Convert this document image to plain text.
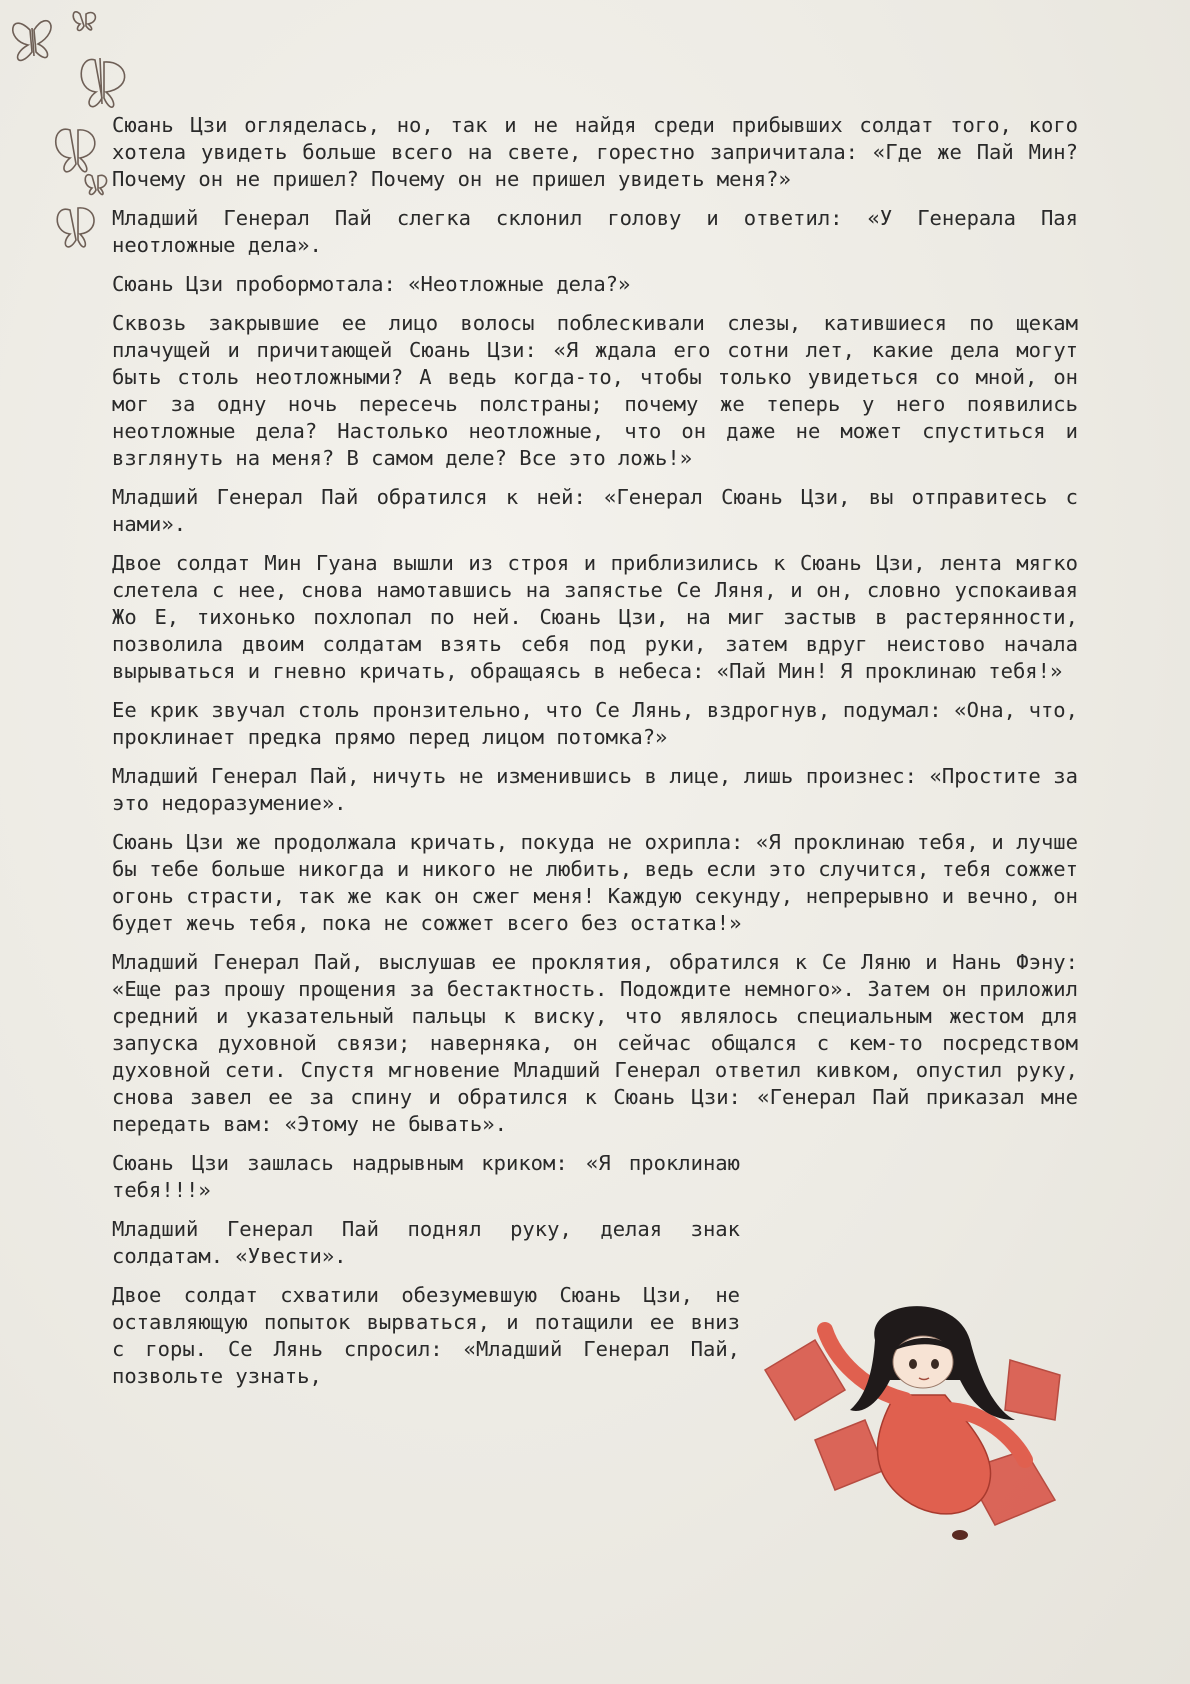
Сюань Цзи огляделась, но, так и не найдя среди прибывших солдат того, кого хотела увидеть больше всего на свете, горестно запричитала: «Где же Пай Мин? Почему он не пришел? Почему он не пришел увидеть меня?»

Младший Генерал Пай слегка склонил голову и ответил: «У Генерала Пая неотложные дела».

Сюань Цзи пробормотала: «Неотложные дела?»

Сквозь закрывшие ее лицо волосы поблескивали слезы, катившиеся по щекам плачущей и причитающей Сюань Цзи: «Я ждала его сотни лет, какие дела могут быть столь неотложными? А ведь когда-то, чтобы только увидеться со мной, он мог за одну ночь пересечь полстраны; почему же теперь у него появились неотложные дела? Настолько неотложные, что он даже не может спуститься и взглянуть на меня? В самом деле? Все это ложь!»

Младший Генерал Пай обратился к ней: «Генерал Сюань Цзи, вы отправитесь с нами».

Двое солдат Мин Гуана вышли из строя и приблизились к Сюань Цзи, лента мягко слетела с нее, снова намотавшись на запястье Се Ляня, и он, словно успокаивая Жо Е, тихонько похлопал по ней. Сюань Цзи, на миг застыв в растерянности, позволила двоим солдатам взять себя под руки, затем вдруг неистово начала вырываться и гневно кричать, обращаясь в небеса: «Пай Мин! Я проклинаю тебя!»

Ее крик звучал столь пронзительно, что Се Лянь, вздрогнув, подумал: «Она, что, проклинает предка прямо перед лицом потомка?»

Младший Генерал Пай, ничуть не изменившись в лице, лишь произнес: «Простите за это недоразумение».

Сюань Цзи же продолжала кричать, покуда не охрипла: «Я проклинаю тебя, и лучше бы тебе больше никогда и никого не любить, ведь если это случится, тебя сожжет огонь страсти, так же как он сжег меня! Каждую секунду, непрерывно и вечно, он будет жечь тебя, пока не сожжет всего без остатка!»

Младший Генерал Пай, выслушав ее проклятия, обратился к Се Ляню и Нань Фэну: «Еще раз прошу прощения за бестактность. Подождите немного». Затем он приложил средний и указательный пальцы к виску, что являлось специальным жестом для запуска духовной связи; наверняка, он сейчас общался с кем-то посредством духовной сети. Спустя мгновение Младший Генерал ответил кивком, опустил руку, снова завел ее за спину и обратился к Сюань Цзи: «Генерал Пай приказал мне передать вам: «Этому не бывать».

Сюань Цзи зашлась надрывным криком: «Я проклинаю тебя!!!»

Младший Генерал Пай поднял руку, делая знак солдатам. «Увести».

Двое солдат схватили обезумевшую Сюань Цзи, не оставляющую попыток вырваться, и потащили ее вниз с горы. Се Лянь спросил: «Младший Генерал Пай, позвольте узнать,
